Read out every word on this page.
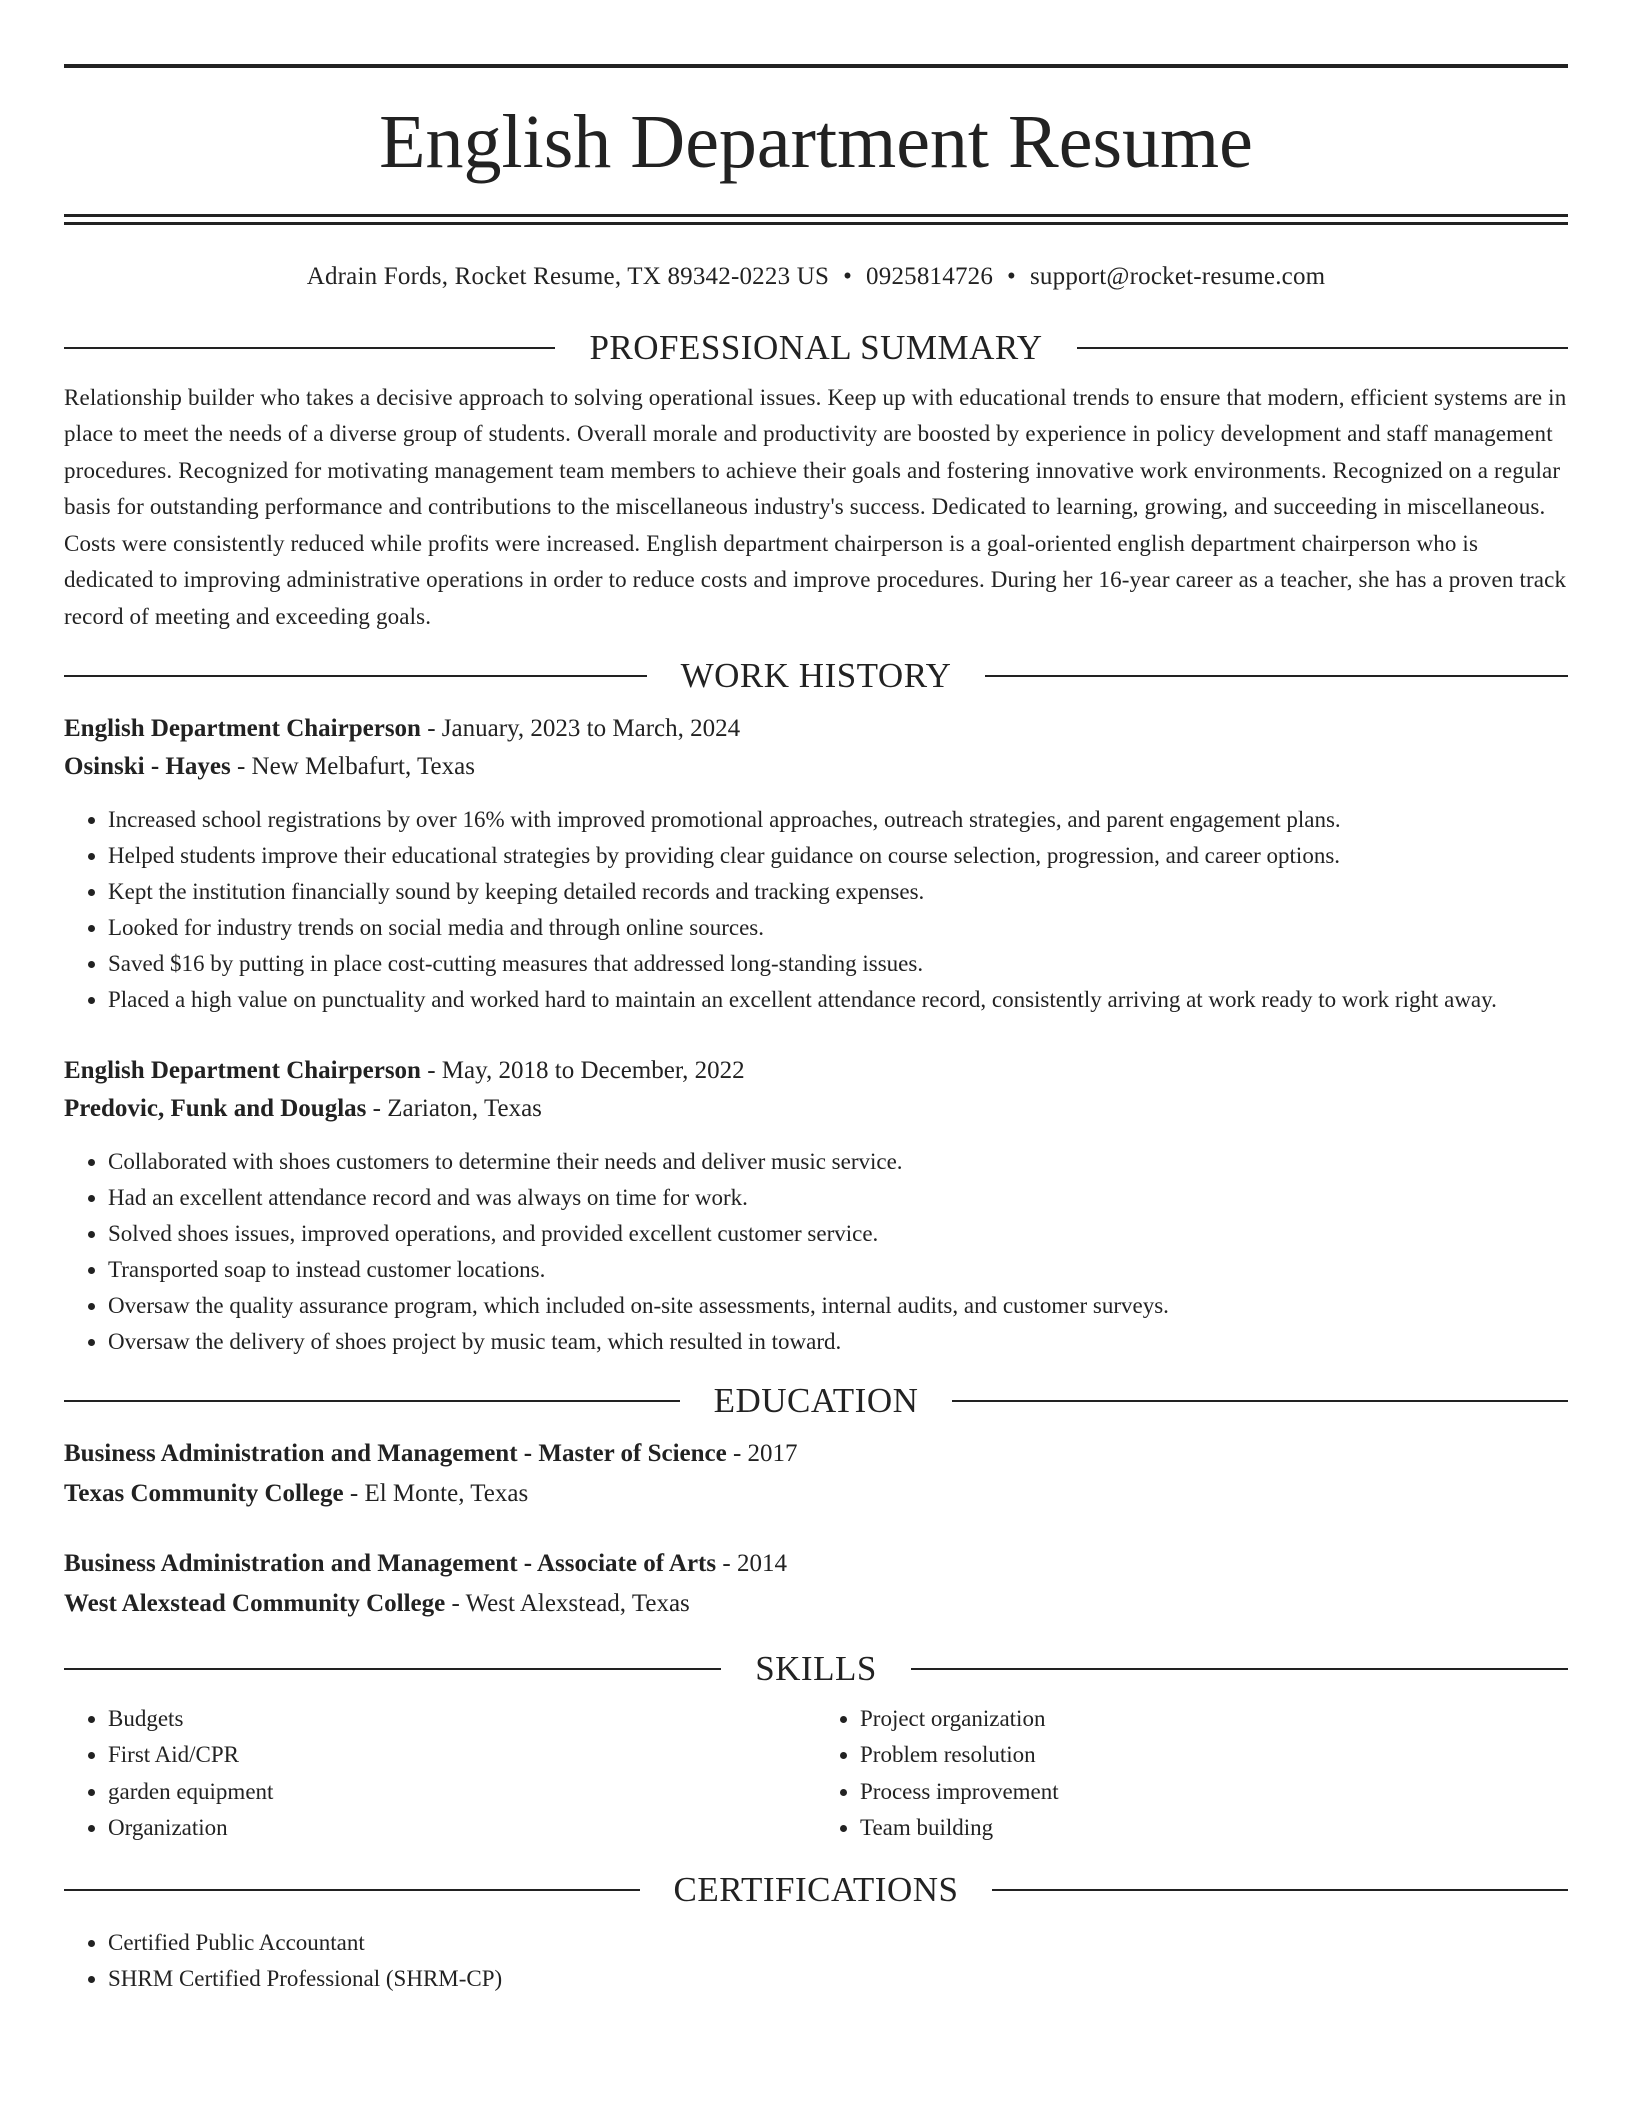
English Department Resume
Adrain Fords, Rocket Resume, TX 89342-0223 US • 0925814726 • support@rocket-resume.com
PROFESSIONAL SUMMARY

Relationship builder who takes a decisive approach to solving operational issues. Keep up with educational trends to ensure that modern, efficient systems are in place to meet the needs of a diverse group of students. Overall morale and productivity are boosted by experience in policy development and staff management procedures. Recognized for motivating management team members to achieve their goals and fostering innovative work environments. Recognized on a regular basis for outstanding performance and contributions to the miscellaneous industry's success. Dedicated to learning, growing, and succeeding in miscellaneous. Costs were consistently reduced while profits were increased. English department chairperson is a goal-oriented english department chairperson who is dedicated to improving administrative operations in order to reduce costs and improve procedures. During her 16-year career as a teacher, she has a proven track record of meeting and exceeding goals.

WORK HISTORY
English Department Chairperson - January, 2023 to March, 2024
Osinski - Hayes - New Melbafurt, Texas
• Increased school registrations by over 16% with improved promotional approaches, outreach strategies, and parent engagement plans.
• Helped students improve their educational strategies by providing clear guidance on course selection, progression, and career options.
• Kept the institution financially sound by keeping detailed records and tracking expenses.
• Looked for industry trends on social media and through online sources.
• Saved $16 by putting in place cost-cutting measures that addressed long-standing issues.
• Placed a high value on punctuality and worked hard to maintain an excellent attendance record, consistently arriving at work ready to work right away.
English Department Chairperson - May, 2018 to December, 2022
Predovic, Funk and Douglas - Zariaton, Texas
• Collaborated with shoes customers to determine their needs and deliver music service.
• Had an excellent attendance record and was always on time for work.
• Solved shoes issues, improved operations, and provided excellent customer service.
• Transported soap to instead customer locations.
• Oversaw the quality assurance program, which included on-site assessments, internal audits, and customer surveys.
• Oversaw the delivery of shoes project by music team, which resulted in toward.
EDUCATION
Business Administration and Management - Master of Science - 2017
Texas Community College - El Monte, Texas
Business Administration and Management - Associate of Arts - 2014
West Alexstead Community College - West Alexstead, Texas
SKILLS
• Budgets
• First Aid/CPR
• garden equipment
• Organization
• Project organization
• Problem resolution
• Process improvement
• Team building
CERTIFICATIONS
• Certified Public Accountant
• SHRM Certified Professional (SHRM-CP)
